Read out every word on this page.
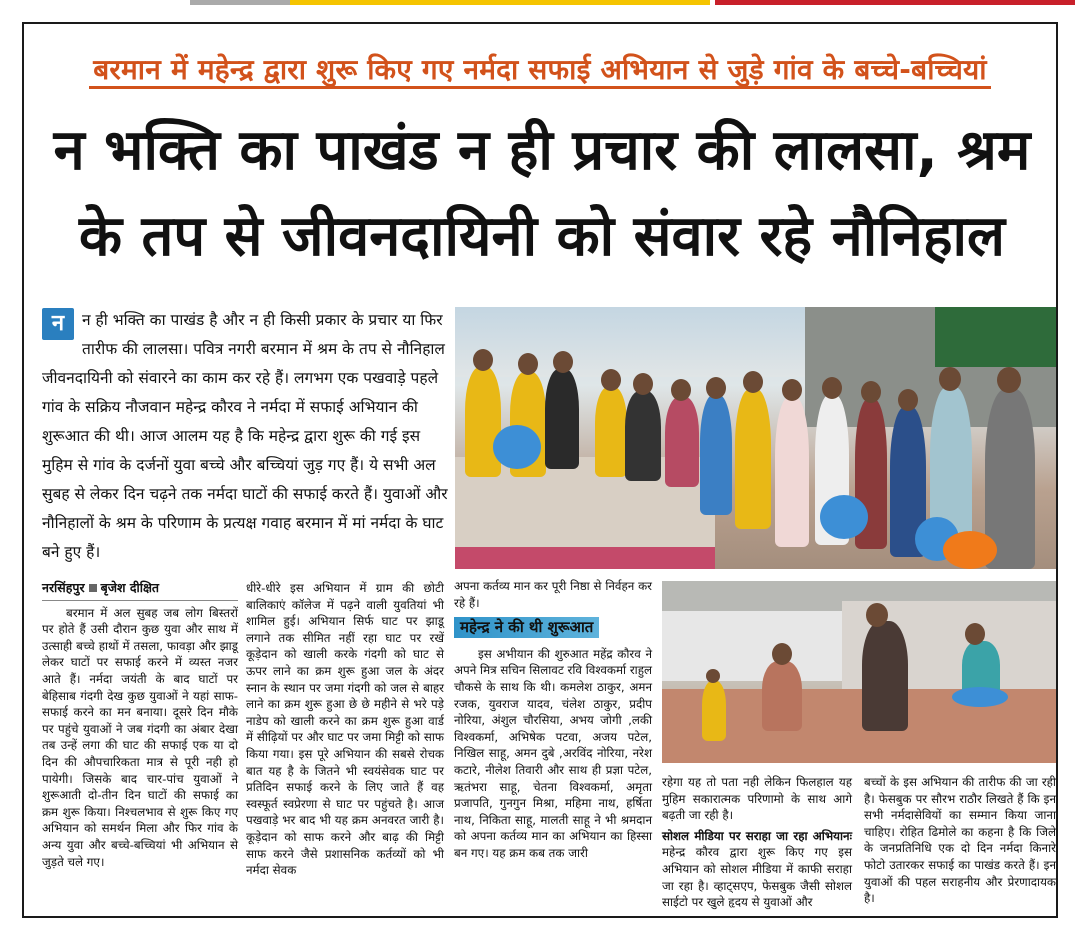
बरमान में महेन्द्र द्वारा शुरू किए गए नर्मदा सफाई अभियान से जुड़े गांव के बच्चे-बच्चियां
न भक्ति का पाखंड न ही प्रचार की लालसा, श्रम
के तप से जीवनदायिनी को संवार रहे नौनिहाल
न	न ही भक्ति का पाखंड है और न ही किसी प्रकार के प्रचार या फिर तारीफ की लालसा। पवित्र नगरी बरमान में श्रम के तप से नौनिहाल जीवनदायिनी को संवारने का काम कर रहे हैं। लगभग एक पखवाड़े पहले गांव के सक्रिय नौजवान महेन्द्र कौरव ने नर्मदा में सफाई अभियान की शुरूआत की थी। आज आलम यह है कि महेन्द्र द्वारा शुरू की गई इस मुहिम से गांव के दर्जनों युवा बच्चे और बच्चियां जुड़ गए हैं। ये सभी अल सुबह से लेकर दिन चढ़ने तक नर्मदा घाटों की सफाई करते हैं। युवाओं और नौनिहालों के श्रम के परिणाम के प्रत्यक्ष गवाह बरमान में मां नर्मदा के घाट बने हुए हैं।
नरसिंहपुर बृजेश दीक्षित
बरमान में अल सुबह जब लोग बिस्तरों पर होते हैं उसी दौरान कुछ युवा और साथ में उत्साही बच्चे हाथों में तसला, फावड़ा और झाडू लेकर घाटों पर सफाई करने में व्यस्त नजर आते हैं। नर्मदा जयंती के बाद घाटों पर बेहिसाब गंदगी देख कुछ युवाओं ने यहां साफ-सफाई करने का मन बनाया। दूसरे दिन मौके पर पहुंचे युवाओं ने जब गंदगी का अंबार देखा तब उन्हें लगा की घाट की सफाई एक या दो दिन की औपचारिकता मात्र से पूरी नही हो पायेगी। जिसके बाद चार-पांच युवाओं ने शुरूआती दो-तीन दिन घाटों की सफाई का क्रम शुरू किया। निश्चलभाव से शुरू किए गए अभियान को समर्थन मिला और फिर गांव के अन्य युवा और बच्चे-बच्चियां भी अभियान से जुड़ते चले गए।
धीरे-धीरे इस अभियान में ग्राम की छोटी बालिकाएं कॉलेज में पढ़ने वाली युवतियां भी शामिल हुई। अभियान सिर्फ घाट पर झाडू लगाने तक सीमित नहीं रहा घाट पर रखें कूड़ेदान को खाली करके गंदगी को घाट से ऊपर लाने का क्रम शुरू हुआ जल के अंदर स्नान के स्थान पर जमा गंदगी को जल से बाहर लाने का क्रम शुरू हुआ छे छे महीने से भरे पड़े नाडेप को खाली करने का क्रम शुरू हुआ वार्ड में सीढ़ियों पर और घाट पर जमा मिट्टी को साफ किया गया। इस पूरे अभियान की सबसे रोचक बात यह है के जितने भी स्वयंसेवक घाट पर प्रतिदिन सफाई करने के लिए जाते हैं वह स्वस्फूर्त स्वप्रेरणा से घाट पर पहुंचते है। आज पखवाड़े भर बाद भी यह क्रम अनवरत जारी है। कूड़ेदान को साफ करने और बाढ़ की मिट्टी साफ करने जैसे प्रशासनिक कर्तव्यों को भी नर्मदा सेवक
अपना कर्तव्य मान कर पूरी निष्ठा से निर्वहन कर रहे हैं।
महेन्द्र ने की थी शुरूआत
इस अभीयान की शुरुआत महेंद्र कौरव ने अपने मित्र सचिन सिलावट रवि विश्वकर्मा राहुल चौकसे के साथ कि थी। कमलेश ठाकुर, अमन रजक, युवराज यादव, चंलेश ठाकुर, प्रदीप नोरिया, अंशुल चौरसिया, अभय जोगी ,लकी विश्वकर्मा, अभिषेक पटवा, अजय पटेल, निखिल साहू, अमन दुबे ,अरविंद नोरिया, नरेश कटारे, नीलेश तिवारी और साथ ही प्रज्ञा पटेल, ऋतंभरा साहू, चेतना विश्वकर्मा, अमृता प्रजापति, गुनगुन मिश्रा, महिमा नाथ, हर्षिता नाथ, निकिता साहू, मालती साहू ने भी श्रमदान को अपना कर्तव्य मान का अभियान का हिस्सा बन गए। यह क्रम कब तक जारी
रहेगा यह तो पता नही लेकिन फिलहाल यह मुहिम सकारात्मक परिणामो के साथ आगे बढ़ती जा रही है।
सोशल मीडिया पर सराहा जा रहा अभियानः महेन्द्र कौरव द्वारा शुरू किए गए इस अभियान को सोशल मीडिया में काफी सराहा जा रहा है। व्हाट्सएप, फेसबुक जैसी सोशल साईटो पर खुले हृदय से युवाओं और
बच्चों के इस अभियान की तारीफ की जा रही है। फेसबुक पर सौरभ राठौर लिखते हैं कि इन सभी नर्मदासेवियों का सम्मान किया जाना चाहिए। रोहित ढिमोले का कहना है कि जिले के जनप्रतिनिधि एक दो दिन नर्मदा किनारे फोटो उतारकर सफाई का पाखंड करते हैं। इन युवाओं की पहल सराहनीय और प्रेरणादायक है।
